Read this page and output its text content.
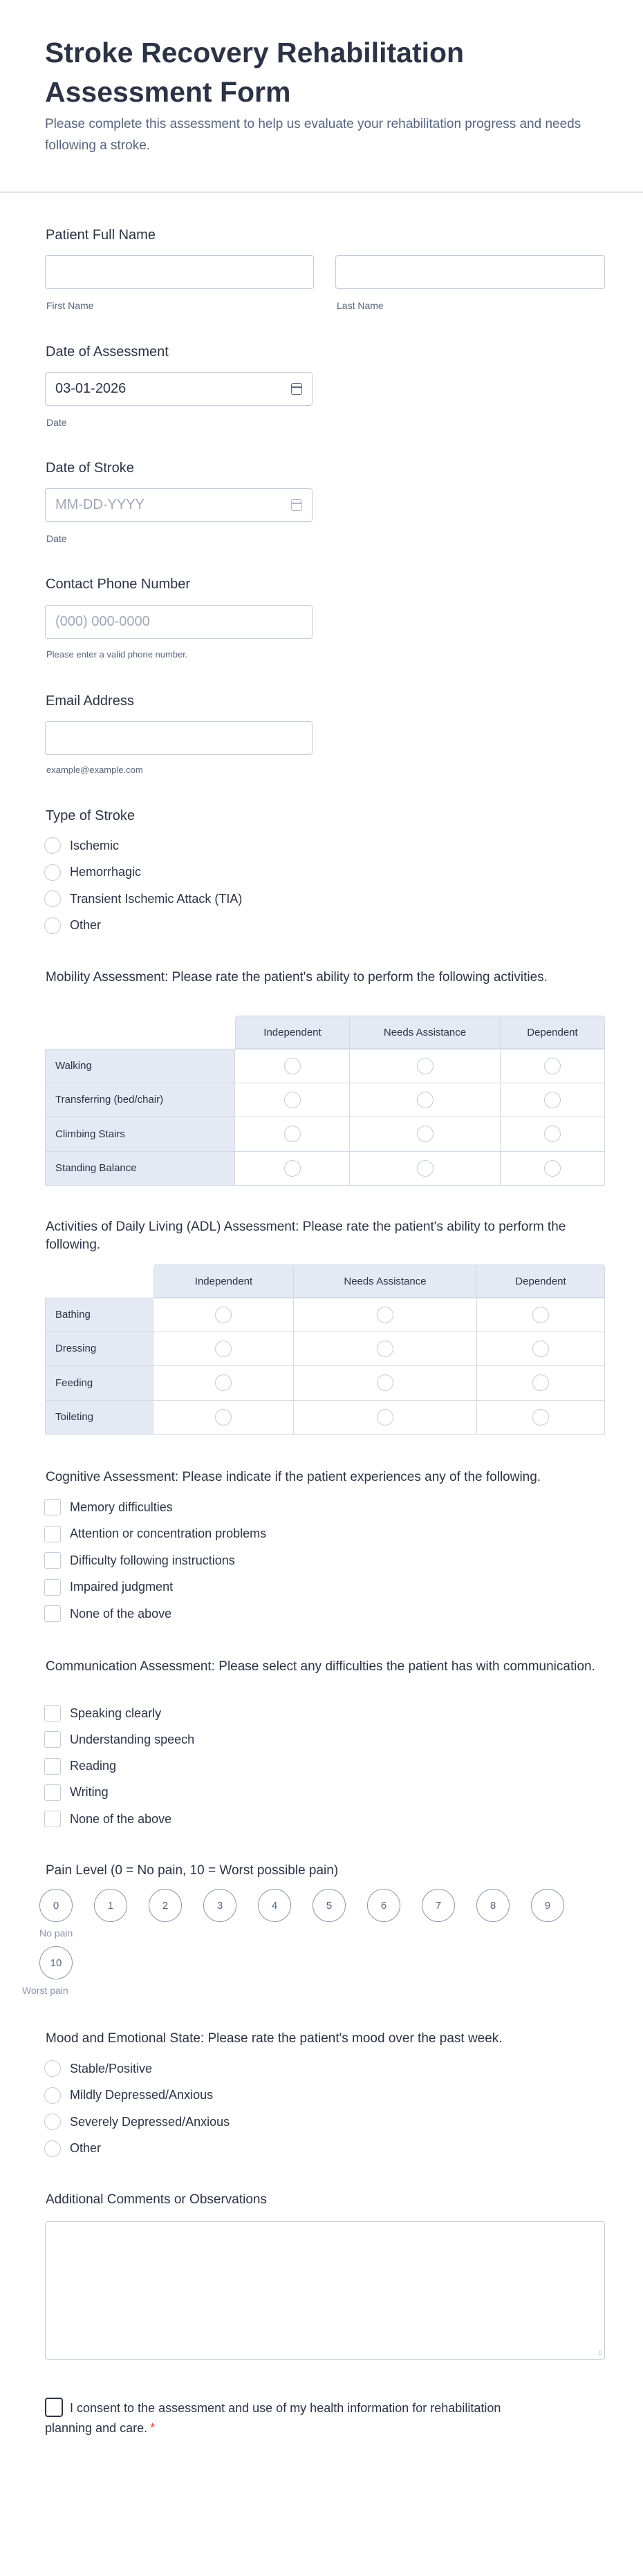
Stroke Recovery Rehabilitation Assessment Form

Please complete this assessment to help us evaluate your rehabilitation progress and needs following a stroke.

Patient Full Name
First Name	Last Name
Date of Assessment
03-01-2026
Date
Date of Stroke
MM-DD-YYYY
Date
Contact Phone Number
(000) 000-0000
Please enter a valid phone number.
Email Address
example@example.com
Type of Stroke
Ischemic
Hemorrhagic
Transient Ischemic Attack (TIA)
Other
Mobility Assessment: Please rate the patient's ability to perform the following activities.
	Independent	Needs Assistance	Dependent
Walking			
Transferring (bed/chair)			
Climbing Stairs			
Standing Balance			
Activities of Daily Living (ADL) Assessment: Please rate the patient's ability to perform the following.
	Independent	Needs Assistance	Dependent
Bathing			
Dressing			
Feeding			
Toileting			
Cognitive Assessment: Please indicate if the patient experiences any of the following.
Memory difficulties
Attention or concentration problems
Difficulty following instructions
Impaired judgment
None of the above
Communication Assessment: Please select any difficulties the patient has with communication.
Speaking clearly
Understanding speech
Reading
Writing
None of the above
Pain Level (0 = No pain, 10 = Worst possible pain)
0	1	2	3	4	5	6	7	8	9
10
No pain
Worst pain
Mood and Emotional State: Please rate the patient's mood over the past week.
Stable/Positive
Mildly Depressed/Anxious
Severely Depressed/Anxious
Other
Additional Comments or Observations
//
I consent to the assessment and use of my health information for rehabilitation planning and care. *
